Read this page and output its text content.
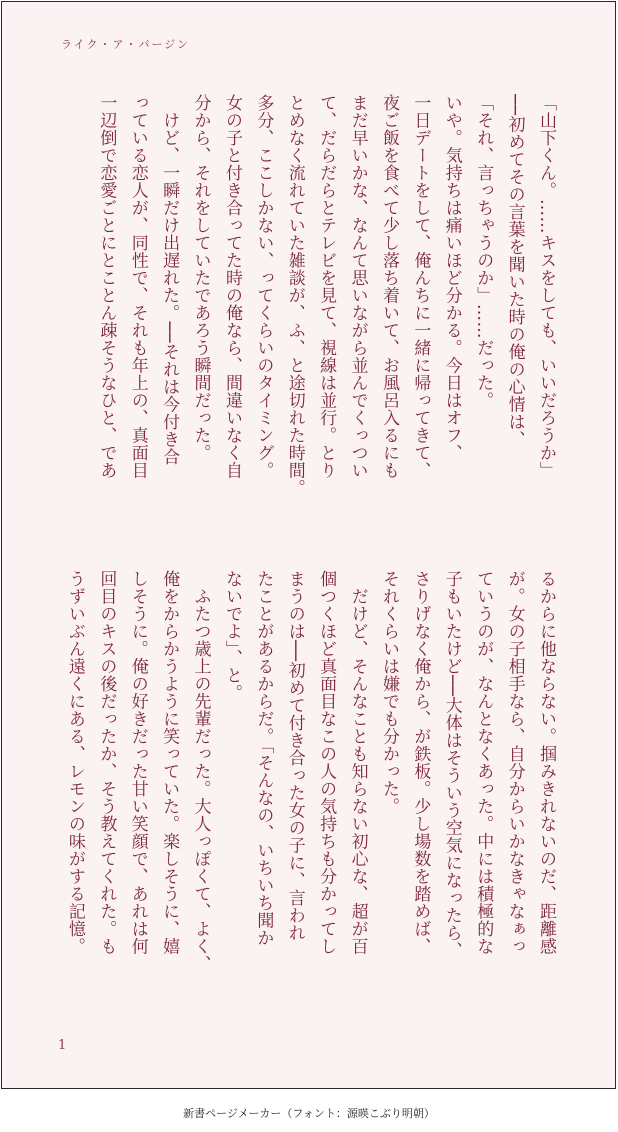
ライク・ア・バージン
「山下くん。……キスをしても、いいだろうか」
──初めてその言葉を聞いた時の俺の心情は、
「それ、言っちゃうのか」……だった。
いや。気持ちは痛いほど分かる。今日はオフ、
一日デートをして、俺んちに一緒に帰ってきて、
夜ご飯を食べて少し落ち着いて、お風呂入るにも
まだ早いかな、なんて思いながら並んでくっつい
て、だらだらとテレビを見て、視線は並行。とり
とめなく流れていた雑談が、ふ、と途切れた時間。
多分、ここしかない、ってくらいのタイミング。
女の子と付き合ってた時の俺なら、間違いなく自
分から、それをしていたであろう瞬間だった。
　けど、一瞬だけ出遅れた。──それは今付き合
っている恋人が、同性で、それも年上の、真面目
一辺倒で恋愛ごとにとことん疎そうなひと、であ
るからに他ならない。掴みきれないのだ、距離感
が。女の子相手なら、自分からいかなきゃなぁっ
ていうのが、なんとなくあった。中には積極的な
子もいたけど──大体はそういう空気になったら、
さりげなく俺から、が鉄板。少し場数を踏めば、
それくらいは嫌でも分かった。
　だけど、そんなことも知らない初心な、超が百
個つくほど真面目なこの人の気持ちも分かってし
まうのは──初めて付き合った女の子に、言われ
たことがあるからだ。「そんなの、いちいち聞か
ないでよ」、と。
　ふたつ歳上の先輩だった。大人っぽくて、よく、
俺をからかうように笑っていた。楽しそうに、嬉
しそうに。俺の好きだった甘い笑顔で、あれは何
回目のキスの後だったか、そう教えてくれた。も
うずいぶん遠くにある、レモンの味がする記憶。
1
新書ページメーカー（フォント：源暎こぶり明朝）
